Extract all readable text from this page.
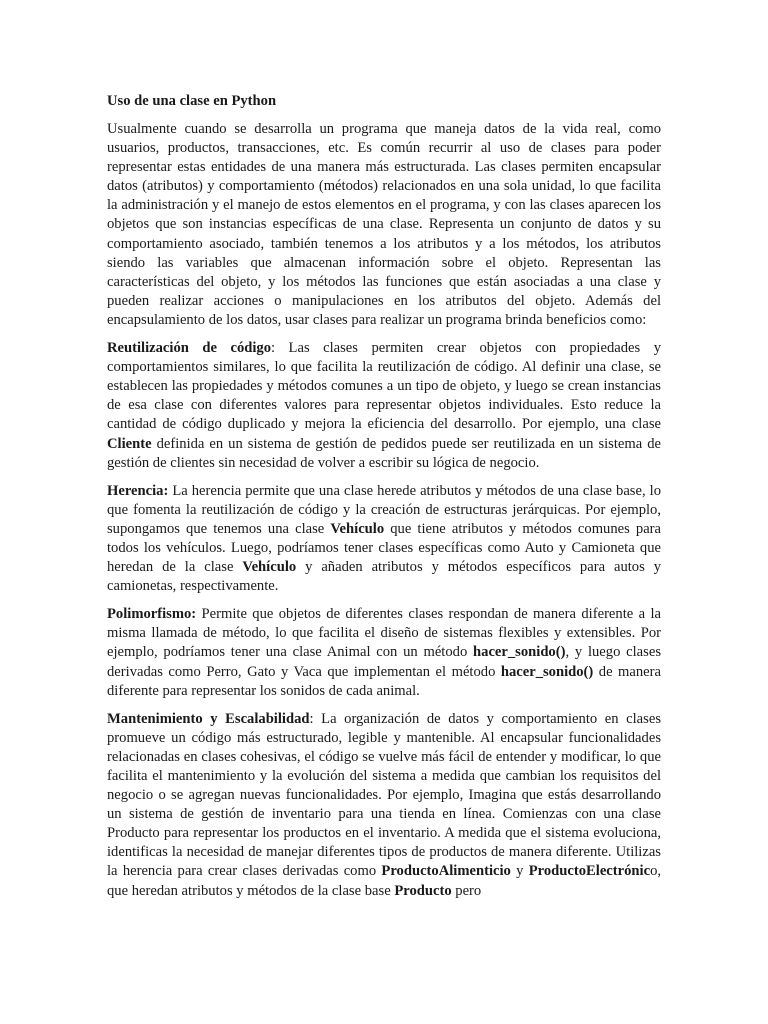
Uso de una clase en Python

Usualmente cuando se desarrolla un programa que maneja datos de la vida real, como usuarios, productos, transacciones, etc. Es común recurrir al uso de clases para poder representar estas entidades de una manera más estructurada. Las clases permiten encapsular datos (atributos) y comportamiento (métodos) relacionados en una sola unidad, lo que facilita la administración y el manejo de estos elementos en el programa, y con las clases aparecen los objetos que son instancias específicas de una clase. Representa un conjunto de datos y su comportamiento asociado, también tenemos a los atributos y a los métodos, los atributos siendo las variables que almacenan información sobre el objeto. Representan las características del objeto, y los métodos las funciones que están asociadas a una clase y pueden realizar acciones o manipulaciones en los atributos del objeto. Además del encapsulamiento de los datos, usar clases para realizar un programa brinda beneficios como:

Reutilización de código: Las clases permiten crear objetos con propiedades y comportamientos similares, lo que facilita la reutilización de código. Al definir una clase, se establecen las propiedades y métodos comunes a un tipo de objeto, y luego se crean instancias de esa clase con diferentes valores para representar objetos individuales. Esto reduce la cantidad de código duplicado y mejora la eficiencia del desarrollo. Por ejemplo, una clase Cliente definida en un sistema de gestión de pedidos puede ser reutilizada en un sistema de gestión de clientes sin necesidad de volver a escribir su lógica de negocio.

Herencia: La herencia permite que una clase herede atributos y métodos de una clase base, lo que fomenta la reutilización de código y la creación de estructuras jerárquicas. Por ejemplo, supongamos que tenemos una clase Vehículo que tiene atributos y métodos comunes para todos los vehículos. Luego, podríamos tener clases específicas como Auto y Camioneta que heredan de la clase Vehículo y añaden atributos y métodos específicos para autos y camionetas, respectivamente.

Polimorfismo: Permite que objetos de diferentes clases respondan de manera diferente a la misma llamada de método, lo que facilita el diseño de sistemas flexibles y extensibles. Por ejemplo, podríamos tener una clase Animal con un método hacer_sonido(), y luego clases derivadas como Perro, Gato y Vaca que implementan el método hacer_sonido() de manera diferente para representar los sonidos de cada animal.

Mantenimiento y Escalabilidad: La organización de datos y comportamiento en clases promueve un código más estructurado, legible y mantenible. Al encapsular funcionalidades relacionadas en clases cohesivas, el código se vuelve más fácil de entender y modificar, lo que facilita el mantenimiento y la evolución del sistema a medida que cambian los requisitos del negocio o se agregan nuevas funcionalidades. Por ejemplo, Imagina que estás desarrollando un sistema de gestión de inventario para una tienda en línea. Comienzas con una clase Producto para representar los productos en el inventario. A medida que el sistema evoluciona, identificas la necesidad de manejar diferentes tipos de productos de manera diferente. Utilizas la herencia para crear clases derivadas como ProductoAlimenticio y ProductoElectrónico, que heredan atributos y métodos de la clase base Producto pero
